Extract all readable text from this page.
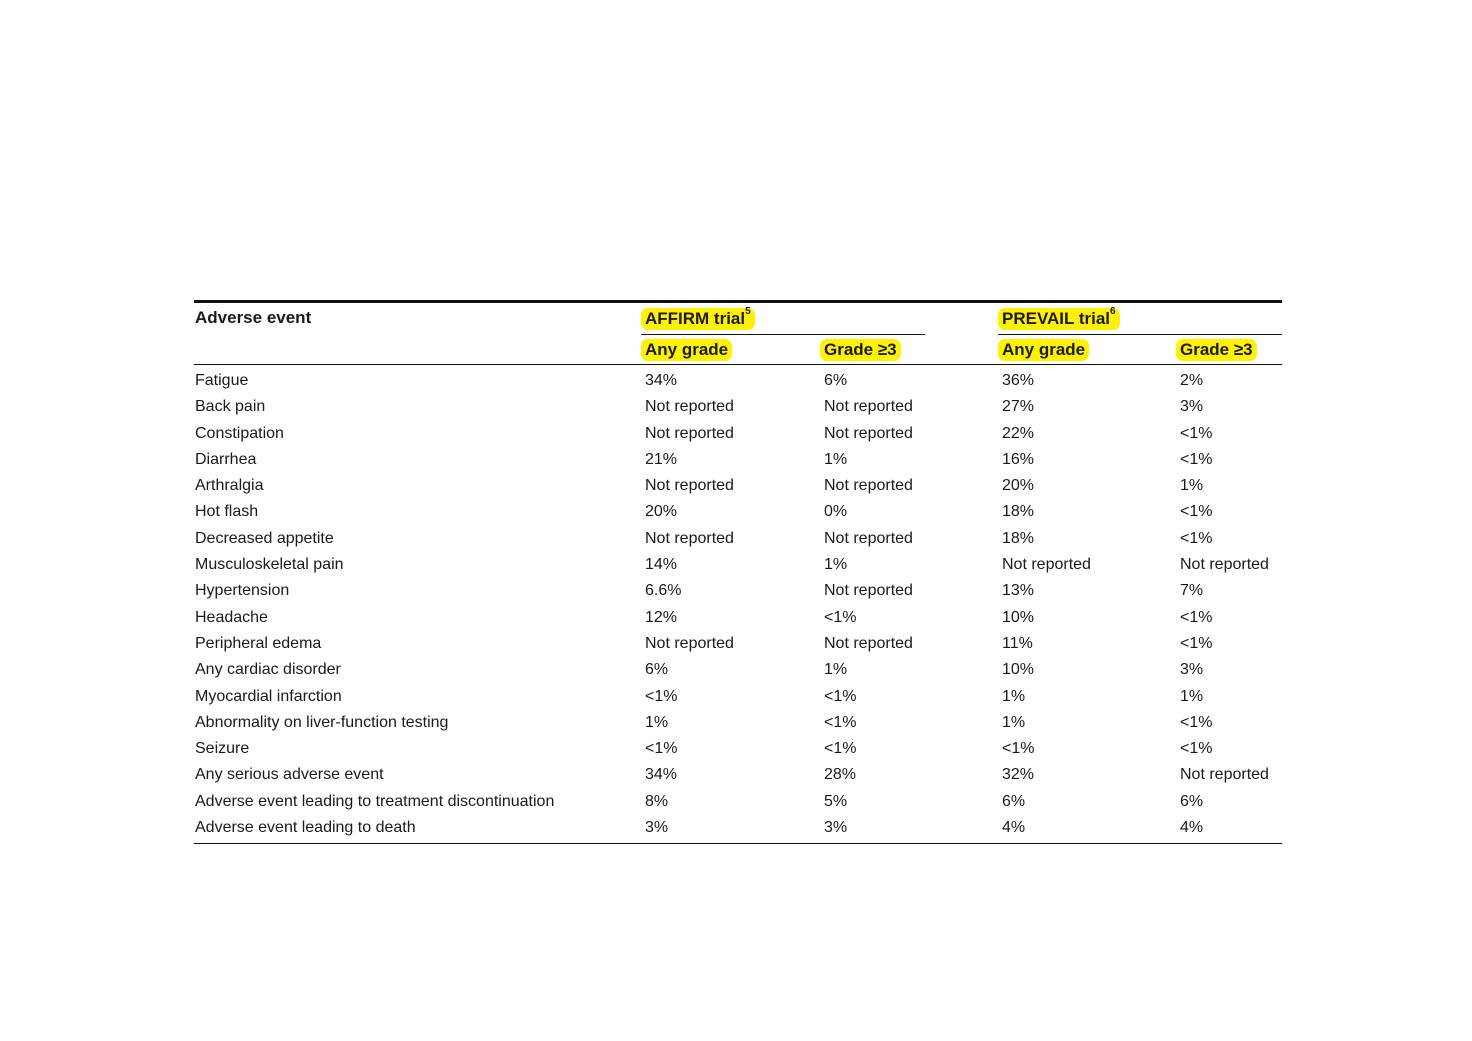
Adverse event	AFFIRM trial$^5$	PREVAIL trial$^6$
Any grade	Grade ≥3	Any grade	Grade ≥3
Fatigue	34%	6%	36%	2%
Back pain	Not reported	Not reported	27%	3%
Constipation	Not reported	Not reported	22%	<1%
Diarrhea	21%	1%	16%	<1%
Arthralgia	Not reported	Not reported	20%	1%
Hot flash	20%	0%	18%	<1%
Decreased appetite	Not reported	Not reported	18%	<1%
Musculoskeletal pain	14%	1%	Not reported	Not reported
Hypertension	6.6%	Not reported	13%	7%
Headache	12%	<1%	10%	<1%
Peripheral edema	Not reported	Not reported	11%	<1%
Any cardiac disorder	6%	1%	10%	3%
Myocardial infarction	<1%	<1%	1%	1%
Abnormality on liver-function testing	1%	<1%	1%	<1%
Seizure	<1%	<1%	<1%	<1%
Any serious adverse event	34%	28%	32%	Not reported
Adverse event leading to treatment discontinuation	8%	5%	6%	6%
Adverse event leading to death	3%	3%	4%	4%
